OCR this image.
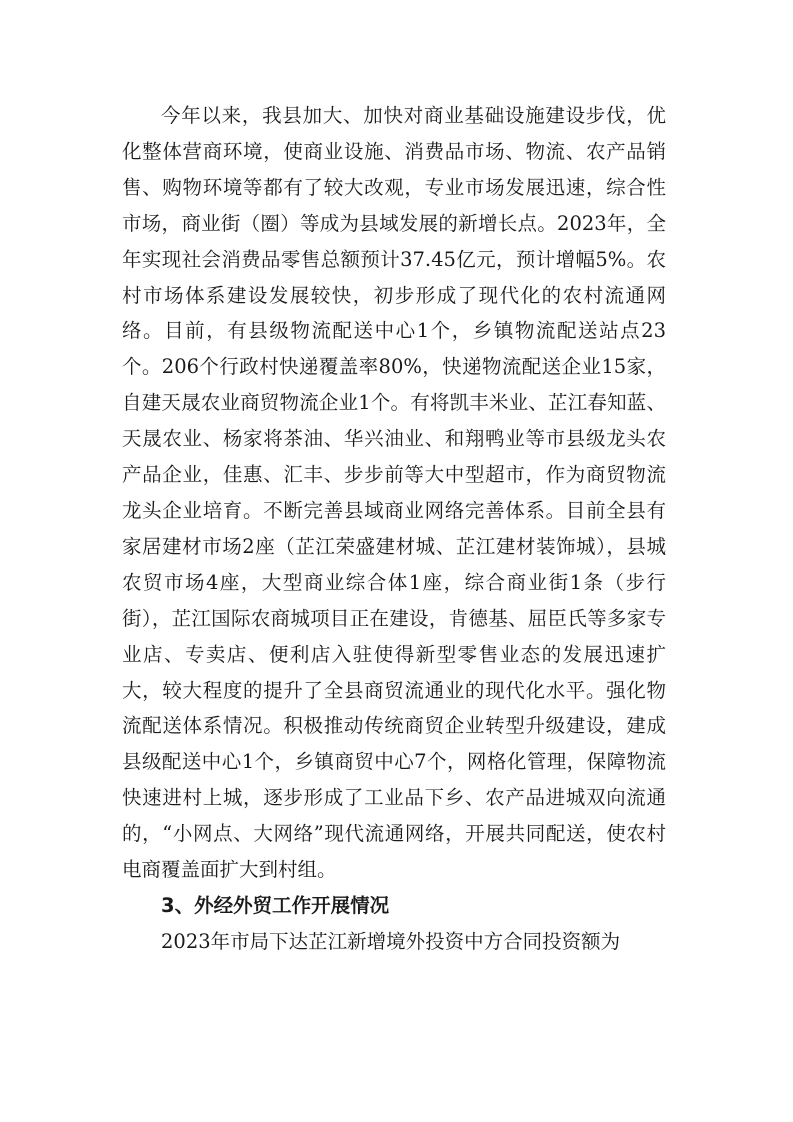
今年以来，我县加大、加快对商业基础设施建设步伐，优化整体营商环境，使商业设施、消费品市场、物流、农产品销售、购物环境等都有了较大改观，专业市场发展迅速，综合性市场，商业街（圈）等成为县域发展的新增长点。2023年，全年实现社会消费品零售总额预计37.45亿元，预计增幅5%。农村市场体系建设发展较快，初步形成了现代化的农村流通网络。目前，有县级物流配送中心1个，乡镇物流配送站点23个。206个行政村快递覆盖率80%，快递物流配送企业15家，自建天晟农业商贸物流企业1个。有将凯丰米业、芷江春知蓝、天晟农业、杨家将茶油、华兴油业、和翔鸭业等市县级龙头农产品企业，佳惠、汇丰、步步前等大中型超市，作为商贸物流龙头企业培育。不断完善县域商业网络完善体系。目前全县有家居建材市场2座（芷江荣盛建材城、芷江建材装饰城），县城农贸市场4座，大型商业综合体1座，综合商业街1条（步行街），芷江国际农商城项目正在建设，肯德基、屈臣氏等多家专业店、专卖店、便利店入驻使得新型零售业态的发展迅速扩大，较大程度的提升了全县商贸流通业的现代化水平。强化物流配送体系情况。积极推动传统商贸企业转型升级建设，建成县级配送中心1个，乡镇商贸中心7个，网格化管理，保障物流快速进村上城，逐步形成了工业品下乡、农产品进城双向流通的，“小网点、大网络”现代流通网络，开展共同配送，使农村电商覆盖面扩大到村组。

3、外经外贸工作开展情况

2023年市局下达芷江新增境外投资中方合同投资额为
